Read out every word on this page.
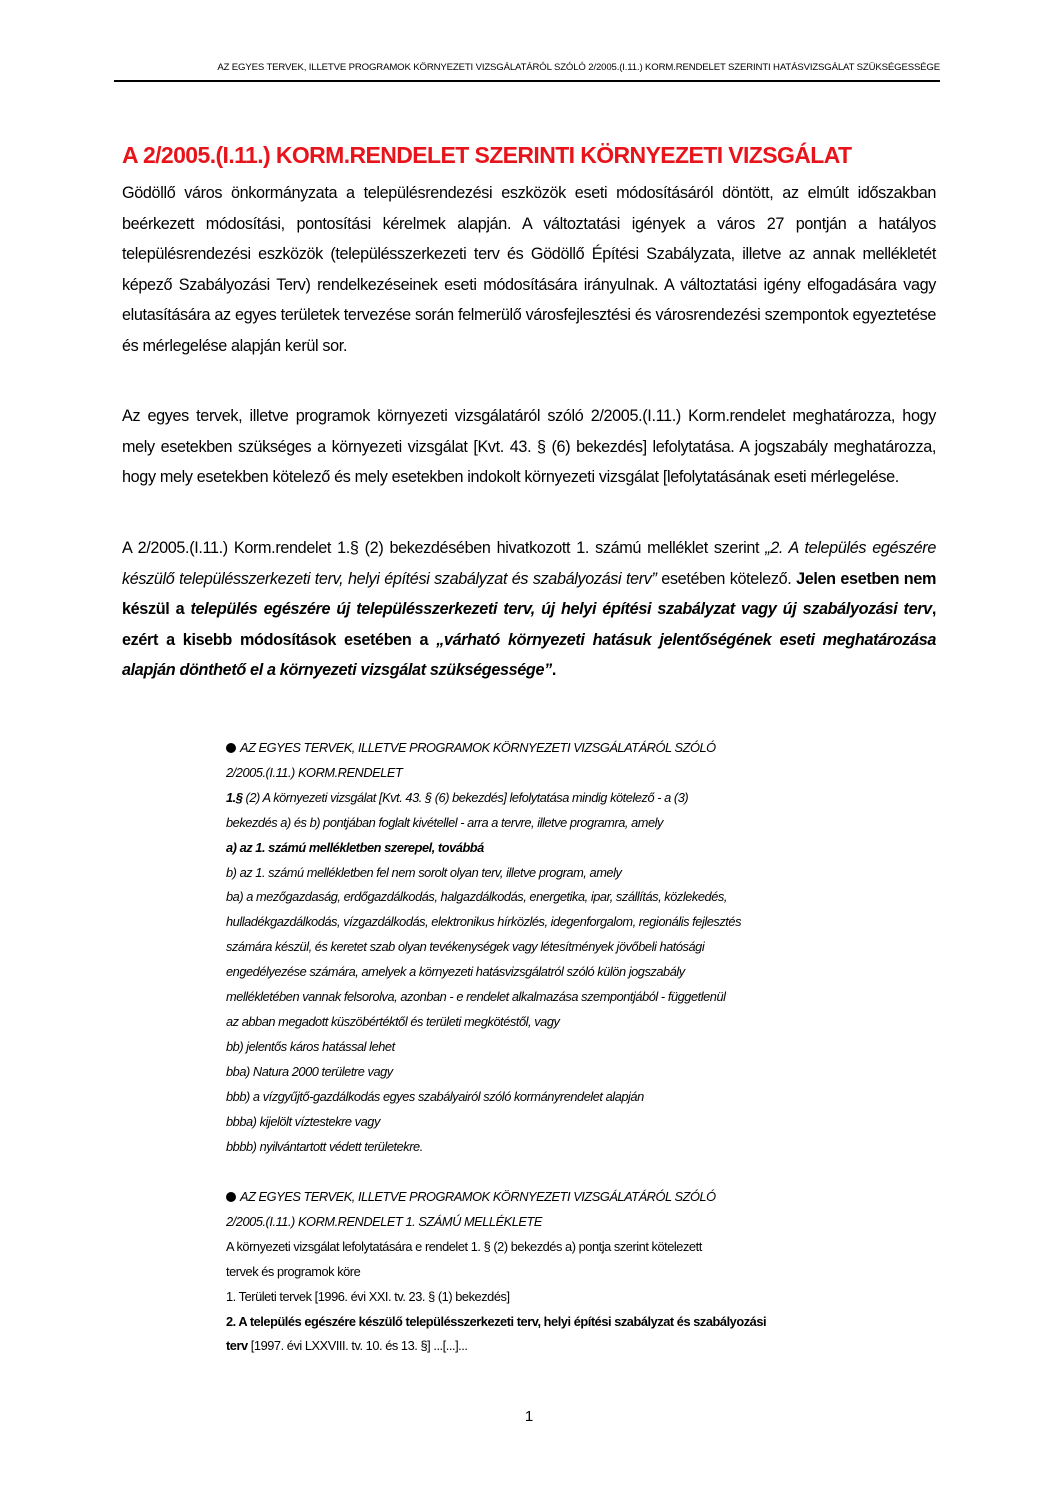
AZ EGYES TERVEK, ILLETVE PROGRAMOK KÖRNYEZETI VIZSGÁLATÁRÓL SZÓLÓ 2/2005.(I.11.) KORM.RENDELET SZERINTI HATÁSVIZSGÁLAT SZÜKSÉGESSÉGE
A 2/2005.(I.11.) KORM.RENDELET SZERINTI KÖRNYEZETI VIZSGÁLAT

Gödöllő város önkormányzata a településrendezési eszközök eseti módosításáról döntött, az elmúlt időszakban beérkezett módosítási, pontosítási kérelmek alapján. A változtatási igények a város 27 pontján a hatályos településrendezési eszközök (településszerkezeti terv és Gödöllő Építési Szabályzata, illetve az annak mellékletét képező Szabályozási Terv) rendelkezéseinek eseti módosítására irányulnak. A változtatási igény elfogadására vagy elutasítására az egyes területek tervezése során felmerülő városfejlesztési és városrendezési szempontok egyeztetése és mérlegelése alapján kerül sor.

Az egyes tervek, illetve programok környezeti vizsgálatáról szóló 2/2005.(I.11.) Korm.rendelet meghatározza, hogy mely esetekben szükséges a környezeti vizsgálat [Kvt. 43. § (6) bekezdés] lefolytatása. A jogszabály meghatározza, hogy mely esetekben kötelező és mely esetekben indokolt környezeti vizsgálat [lefolytatásának eseti mérlegelése.

A 2/2005.(I.11.) Korm.rendelet 1.§ (2) bekezdésében hivatkozott 1. számú melléklet szerint „2. A település egészére készülő településszerkezeti terv, helyi építési szabályzat és szabályozási terv” esetében kötelező. Jelen esetben nem készül a település egészére új településszerkezeti terv, új helyi építési szabályzat vagy új szabályozási terv, ezért a kisebb módosítások esetében a „várható környezeti hatásuk jelentőségének eseti meghatározása alapján dönthető el a környezeti vizsgálat szükségessége”.

AZ EGYES TERVEK, ILLETVE PROGRAMOK KÖRNYEZETI VIZSGÁLATÁRÓL SZÓLÓ
2/2005.(I.11.) KORM.RENDELET
1.§ (2) A környezeti vizsgálat [Kvt. 43. § (6) bekezdés] lefolytatása mindig kötelező - a (3)
bekezdés a) és b) pontjában foglalt kivétellel - arra a tervre, illetve programra, amely
a) az 1. számú mellékletben szerepel, továbbá
b) az 1. számú mellékletben fel nem sorolt olyan terv, illetve program, amely
ba) a mezőgazdaság, erdőgazdálkodás, halgazdálkodás, energetika, ipar, szállítás, közlekedés,
hulladékgazdálkodás, vízgazdálkodás, elektronikus hírközlés, idegenforgalom, regionális fejlesztés
számára készül, és keretet szab olyan tevékenységek vagy létesítmények jövőbeli hatósági
engedélyezése számára, amelyek a környezeti hatásvizsgálatról szóló külön jogszabály
mellékletében vannak felsorolva, azonban - e rendelet alkalmazása szempontjából - függetlenül
az abban megadott küszöbértéktől és területi megkötéstől, vagy
bb) jelentős káros hatással lehet
bba) Natura 2000 területre vagy
bbb) a vízgyűjtő-gazdálkodás egyes szabályairól szóló kormányrendelet alapján
bbba) kijelölt víztestekre vagy
bbbb) nyilvántartott védett területekre.
AZ EGYES TERVEK, ILLETVE PROGRAMOK KÖRNYEZETI VIZSGÁLATÁRÓL SZÓLÓ
2/2005.(I.11.) KORM.RENDELET 1. SZÁMÚ MELLÉKLETE
A környezeti vizsgálat lefolytatására e rendelet 1. § (2) bekezdés a) pontja szerint kötelezett
tervek és programok köre
1. Területi tervek [1996. évi XXI. tv. 23. § (1) bekezdés]
2. A település egészére készülő településszerkezeti terv, helyi építési szabályzat és szabályozási
terv [1997. évi LXXVIII. tv. 10. és 13. §] ...[...]...
1
